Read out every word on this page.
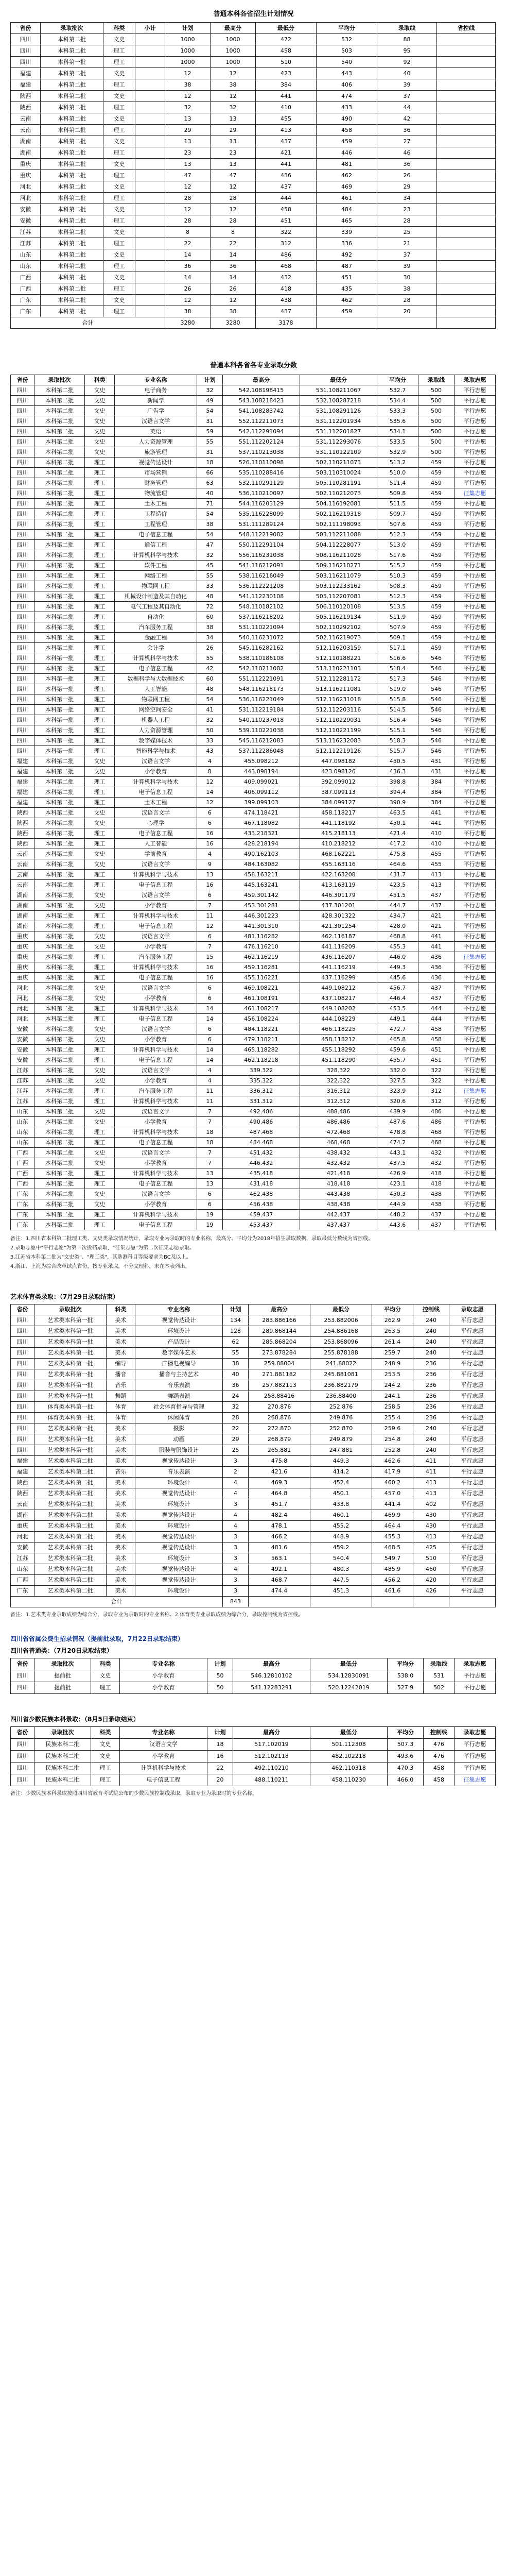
普通本科各省招生计划情况

省份	录取批次	科类	小计	计划	最高分	最低分	平均分	录取线	省控线
四川	本科第二批	文史		1000	1000	472	532	88	
四川	本科第二批	理工		1000	1000	458	503	95	
四川	本科第一批	理工		1000	1000	510	540	92	
福建	本科第二批	文史		12	12	423	443	40	
福建	本科第二批	理工		38	38	384	406	39	
陕西	本科第二批	文史		12	12	441	474	37	
陕西	本科第二批	理工		32	32	410	433	44	
云南	本科第二批	文史		13	13	455	490	42	
云南	本科第二批	理工		29	29	413	458	36	
湖南	本科第二批	文史		13	13	437	459	27	
湖南	本科第二批	理工		23	23	421	446	46	
重庆	本科第二批	文史		13	13	441	481	36	
重庆	本科第二批	理工		47	47	436	462	26	
河北	本科第二批	文史		12	12	437	469	29	
河北	本科第二批	理工		28	28	444	461	34	
安徽	本科第二批	文史		12	12	458	484	23	
安徽	本科第二批	理工		28	28	451	465	28	
江苏	本科第二批	文史		8	8	322	339	25	
江苏	本科第二批	理工		22	22	312	336	21	
山东	本科第二批	文史		14	14	486	492	37	
山东	本科第二批	理工		36	36	468	487	39	
广西	本科第二批	文史		14	14	432	451	30	
广西	本科第二批	理工		26	26	418	435	38	
广东	本科第二批	文史		12	12	438	462	28	
广东	本科第二批	理工		38	38	437	459	20	
合计				3280	3280	3178			

普通本科各省各专业录取分数

省份	录取批次	科类	专业名称	计划	最高分	最低分	平均分	录取线	录取志愿
四川	本科第二批	文史	电子商务	32	542.108198415	531.108211067	532.7	500	平行志愿
四川	本科第二批	文史	新闻学	49	543.108218423	532.108287218	534.4	500	平行志愿
四川	本科第二批	文史	广告学	54	541.108283742	531.108291126	533.3	500	平行志愿
四川	本科第二批	文史	汉语言文学	31	552.112211073	531.112201934	535.6	500	平行志愿
四川	本科第二批	文史	英语	59	542.112291094	531.112201827	534.1	500	平行志愿
四川	本科第二批	文史	人力资源管理	55	551.112202124	531.112293076	533.5	500	平行志愿
四川	本科第二批	文史	旅游管理	31	537.110213038	531.110122109	532.9	500	平行志愿
四川	本科第二批	理工	视觉传达设计	18	526.110110098	502.110211073	513.2	459	平行志愿
四川	本科第二批	理工	市场营销	66	535.110288416	503.110310024	510.0	459	平行志愿
四川	本科第二批	理工	财务管理	63	532.110291129	505.110281191	511.4	459	平行志愿
四川	本科第二批	理工	物流管理	40	536.110210097	502.110212073	509.8	459	征集志愿
四川	本科第二批	理工	土木工程	71	544.116203129	504.116192081	511.5	459	平行志愿
四川	本科第二批	理工	工程造价	54	535.116228099	502.116219318	509.7	459	平行志愿
四川	本科第二批	理工	工程管理	38	531.111289124	502.111198093	507.6	459	平行志愿
四川	本科第二批	理工	电子信息工程	54	548.112219082	503.112211088	512.3	459	平行志愿
四川	本科第二批	理工	通信工程	47	550.112291104	504.112228077	513.0	459	平行志愿
四川	本科第二批	理工	计算机科学与技术	32	556.116231038	508.116211028	517.6	459	平行志愿
四川	本科第二批	理工	软件工程	45	541.116212091	509.116210271	515.2	459	平行志愿
四川	本科第二批	理工	网络工程	55	538.116216049	503.116211079	510.3	459	平行志愿
四川	本科第二批	理工	物联网工程	33	536.112221208	503.112233162	508.3	459	平行志愿
四川	本科第二批	理工	机械设计制造及其自动化	48	541.112230108	505.112207081	512.3	459	平行志愿
四川	本科第二批	理工	电气工程及其自动化	72	548.110182102	506.110120108	513.5	459	平行志愿
四川	本科第二批	理工	自动化	60	537.116218202	505.116219134	511.9	459	平行志愿
四川	本科第二批	理工	汽车服务工程	38	531.110221094	502.110292102	507.9	459	平行志愿
四川	本科第二批	理工	金融工程	34	540.116231072	502.116219073	509.1	459	平行志愿
四川	本科第二批	理工	会计学	26	545.116282162	512.116203159	517.1	459	平行志愿
四川	本科第一批	理工	计算机科学与技术	55	538.110186108	512.110188221	516.6	546	平行志愿
四川	本科第一批	理工	电子信息工程	42	542.110211082	513.110221103	518.4	546	平行志愿
四川	本科第一批	理工	数据科学与大数据技术	60	551.112221091	512.112281172	517.3	546	平行志愿
四川	本科第一批	理工	人工智能	48	548.116218173	513.116211081	519.0	546	平行志愿
四川	本科第一批	理工	物联网工程	54	536.116221049	512.116231018	515.8	546	平行志愿
四川	本科第一批	理工	网络空间安全	41	531.112219184	512.112203116	514.5	546	平行志愿
四川	本科第一批	理工	机器人工程	32	540.110237018	512.110229031	516.4	546	平行志愿
四川	本科第一批	理工	人力资源管理	50	539.110221038	512.110221199	515.1	546	平行志愿
四川	本科第一批	理工	数字媒体技术	33	545.116212083	513.116232083	518.3	546	平行志愿
四川	本科第一批	理工	智能科学与技术	43	537.112286048	512.112219126	515.7	546	平行志愿
福建	本科第二批	文史	汉语言文学	4	455.098212	447.098182	450.5	431	平行志愿
福建	本科第二批	文史	小学教育	8	443.098194	423.098126	436.3	431	平行志愿
福建	本科第二批	理工	计算机科学与技术	12	409.099021	392.099012	398.8	384	平行志愿
福建	本科第二批	理工	电子信息工程	14	406.099112	387.099113	394.4	384	平行志愿
福建	本科第二批	理工	土木工程	12	399.099103	384.099127	390.9	384	平行志愿
陕西	本科第二批	文史	汉语言文学	6	474.118421	458.118217	463.5	441	平行志愿
陕西	本科第二批	文史	心理学	6	467.118082	441.118192	450.1	441	平行志愿
陕西	本科第二批	理工	电子信息工程	16	433.218321	415.218113	421.4	410	平行志愿
陕西	本科第二批	理工	人工智能	16	428.218194	410.218212	417.2	410	平行志愿
云南	本科第二批	文史	学前教育	4	490.162103	468.162221	475.8	455	平行志愿
云南	本科第二批	文史	汉语言文学	9	484.163082	455.163116	464.6	455	平行志愿
云南	本科第二批	理工	计算机科学与技术	13	458.163211	422.163208	431.7	413	平行志愿
云南	本科第二批	理工	电子信息工程	16	445.163241	413.163119	423.5	413	平行志愿
湖南	本科第二批	文史	汉语言文学	6	459.301142	446.301179	451.5	437	平行志愿
湖南	本科第二批	文史	小学教育	7	453.301281	437.301201	444.7	437	平行志愿
湖南	本科第二批	理工	计算机科学与技术	11	446.301223	428.301322	434.7	421	平行志愿
湖南	本科第二批	理工	电子信息工程	12	441.301310	421.301254	428.0	421	平行志愿
重庆	本科第二批	文史	汉语言文学	6	481.116282	462.116187	468.8	441	平行志愿
重庆	本科第二批	文史	小学教育	7	476.116210	441.116209	455.3	441	平行志愿
重庆	本科第二批	理工	汽车服务工程	15	462.116219	436.116207	446.0	436	征集志愿
重庆	本科第二批	理工	计算机科学与技术	16	459.116281	441.116219	449.3	436	平行志愿
重庆	本科第二批	理工	电子信息工程	16	455.116221	437.116299	445.6	436	平行志愿
河北	本科第二批	文史	汉语言文学	6	469.108221	449.108212	456.7	437	平行志愿
河北	本科第二批	文史	小学教育	6	461.108191	437.108217	446.4	437	平行志愿
河北	本科第二批	理工	计算机科学与技术	14	461.108217	449.108202	453.5	444	平行志愿
河北	本科第二批	理工	电子信息工程	14	456.108224	444.108229	449.1	444	平行志愿
安徽	本科第二批	文史	汉语言文学	6	484.118221	466.118225	472.7	458	平行志愿
安徽	本科第二批	文史	小学教育	6	479.118211	458.118212	465.8	458	平行志愿
安徽	本科第二批	理工	计算机科学与技术	14	465.118282	455.118292	459.6	451	平行志愿
安徽	本科第二批	理工	电子信息工程	14	462.118218	451.118290	455.7	451	平行志愿
江苏	本科第二批	文史	汉语言文学	4	339.322	328.322	332.0	322	平行志愿
江苏	本科第二批	文史	小学教育	4	335.322	322.322	327.5	322	平行志愿
江苏	本科第二批	理工	汽车服务工程	11	336.312	316.312	323.9	312	征集志愿
江苏	本科第二批	理工	计算机科学与技术	11	331.312	312.312	320.6	312	平行志愿
山东	本科第二批	文史	汉语言文学	7	492.486	488.486	489.9	486	平行志愿
山东	本科第二批	文史	小学教育	7	490.486	486.486	487.6	486	平行志愿
山东	本科第二批	理工	计算机科学与技术	18	487.468	472.468	478.8	468	平行志愿
山东	本科第二批	理工	电子信息工程	18	484.468	468.468	474.2	468	平行志愿
广西	本科第二批	文史	汉语言文学	7	451.432	438.432	443.1	432	平行志愿
广西	本科第二批	文史	小学教育	7	446.432	432.432	437.5	432	平行志愿
广西	本科第二批	理工	计算机科学与技术	13	435.418	421.418	426.9	418	平行志愿
广西	本科第二批	理工	电子信息工程	13	431.418	418.418	423.1	418	平行志愿
广东	本科第二批	文史	汉语言文学	6	462.438	443.438	450.3	438	平行志愿
广东	本科第二批	文史	小学教育	6	456.438	438.438	444.9	438	平行志愿
广东	本科第二批	理工	计算机科学与技术	19	459.437	442.437	448.2	437	平行志愿
广东	本科第二批	理工	电子信息工程	19	453.437	437.437	443.6	437	平行志愿

备注：1.四川省本科第二批理工类、文史类录取情况统计，录取专业为录取时的专业名称，最高分、平均分为2018年招生录取数据，录取最低分数线为省控线。

2.录取志愿中"平行志愿"为第一次投档录取，"征集志愿"为第二次征集志愿录取。

3.江苏省本科第二批为"文史类"、"理工类"，其选测科目等级要求为BC及以上。

4.浙江、上海为综合改革试点省份，按专业录取，不分文理科，未在本表列出。

艺术体育类录取：（7月29日录取结束）

省份	录取批次	科类	专业名称	计划	最高分	最低分	平均分	控制线	录取志愿
四川	艺术类本科第一批	美术	视觉传达设计	134	283.886166	253.882006	262.9	240	平行志愿
四川	艺术类本科第一批	美术	环境设计	128	289.868144	254.886168	263.5	240	平行志愿
四川	艺术类本科第一批	美术	产品设计	62	285.868204	253.868096	261.4	240	平行志愿
四川	艺术类本科第一批	美术	数字媒体艺术	55	273.878284	255.878188	259.7	240	平行志愿
四川	艺术类本科第一批	编导	广播电视编导	38	259.88004	241.88022	248.9	236	平行志愿
四川	艺术类本科第一批	播音	播音与主持艺术	40	271.881182	245.881081	253.5	236	平行志愿
四川	艺术类本科第一批	音乐	音乐表演	36	257.882113	236.882179	244.2	236	平行志愿
四川	艺术类本科第一批	舞蹈	舞蹈表演	24	258.88416	236.88400	244.1	236	平行志愿
四川	体育类本科第一批	体育	社会体育指导与管理	32	270.876	252.876	258.5	236	平行志愿
四川	体育类本科第一批	体育	休闲体育	28	268.876	249.876	255.4	236	平行志愿
四川	艺术类本科第一批	美术	摄影	22	272.870	252.870	259.6	240	平行志愿
四川	艺术类本科第一批	美术	动画	29	268.879	249.879	254.8	240	平行志愿
四川	艺术类本科第一批	美术	服装与服饰设计	25	265.881	247.881	252.8	240	平行志愿
福建	艺术类本科第二批	美术	视觉传达设计	3	475.8	449.3	462.6	411	平行志愿
福建	艺术类本科第二批	音乐	音乐表演	2	421.6	414.2	417.9	411	平行志愿
陕西	艺术类本科第二批	美术	环境设计	4	469.3	452.4	460.2	413	平行志愿
陕西	艺术类本科第二批	美术	视觉传达设计	4	464.8	450.1	457.0	413	平行志愿
云南	艺术类本科第二批	美术	环境设计	3	451.7	433.8	441.4	402	平行志愿
湖南	艺术类本科第二批	美术	视觉传达设计	4	482.4	460.1	469.9	430	平行志愿
重庆	艺术类本科第二批	美术	环境设计	4	478.1	455.2	464.4	430	平行志愿
河北	艺术类本科第二批	美术	视觉传达设计	3	466.2	448.9	455.3	413	平行志愿
安徽	艺术类本科第二批	美术	视觉传达设计	3	481.6	459.2	468.5	425	平行志愿
江苏	艺术类本科第二批	美术	环境设计	3	563.1	540.4	549.7	510	平行志愿
山东	艺术类本科第二批	美术	视觉传达设计	4	492.1	480.3	485.9	460	平行志愿
广西	艺术类本科第二批	美术	视觉传达设计	3	468.7	447.5	456.2	420	平行志愿
广东	艺术类本科第二批	美术	环境设计	3	474.4	451.3	461.6	426	平行志愿
合计				843					

备注：1.艺术类专业录取成绩为综合分，录取专业为录取时的专业名称。2.体育类专业录取成绩为综合分，录取控制线为省控线。

四川省省属公费生招录情况（提前批录取，7月22日录取结束）

四川省普通类：（7月20日录取结束）

省份	录取批次	科类	专业名称	计划	最高分	最低分	平均分	录取线	录取志愿
四川	提前批	文史	小学教育	50	546.12810102	534.12830091	538.0	531	平行志愿
四川	提前批	理工	小学教育	50	541.12283291	520.12242019	527.9	502	平行志愿

四川省少数民族本科录取：（8月5日录取结束）

省份	录取批次	科类	专业名称	计划	最高分	最低分	平均分	控制线	录取志愿
四川	民族本科二批	文史	汉语言文学	18	517.102019	501.112308	507.3	476	平行志愿
四川	民族本科二批	文史	小学教育	16	512.102118	482.102218	493.6	476	平行志愿
四川	民族本科二批	理工	计算机科学与技术	22	492.110210	462.110318	470.3	458	平行志愿
四川	民族本科二批	理工	电子信息工程	20	488.110211	458.110230	466.0	458	征集志愿

备注：少数民族本科录取按照四川省教育考试院公布的少数民族控制线录取，录取专业为录取时的专业名称。
